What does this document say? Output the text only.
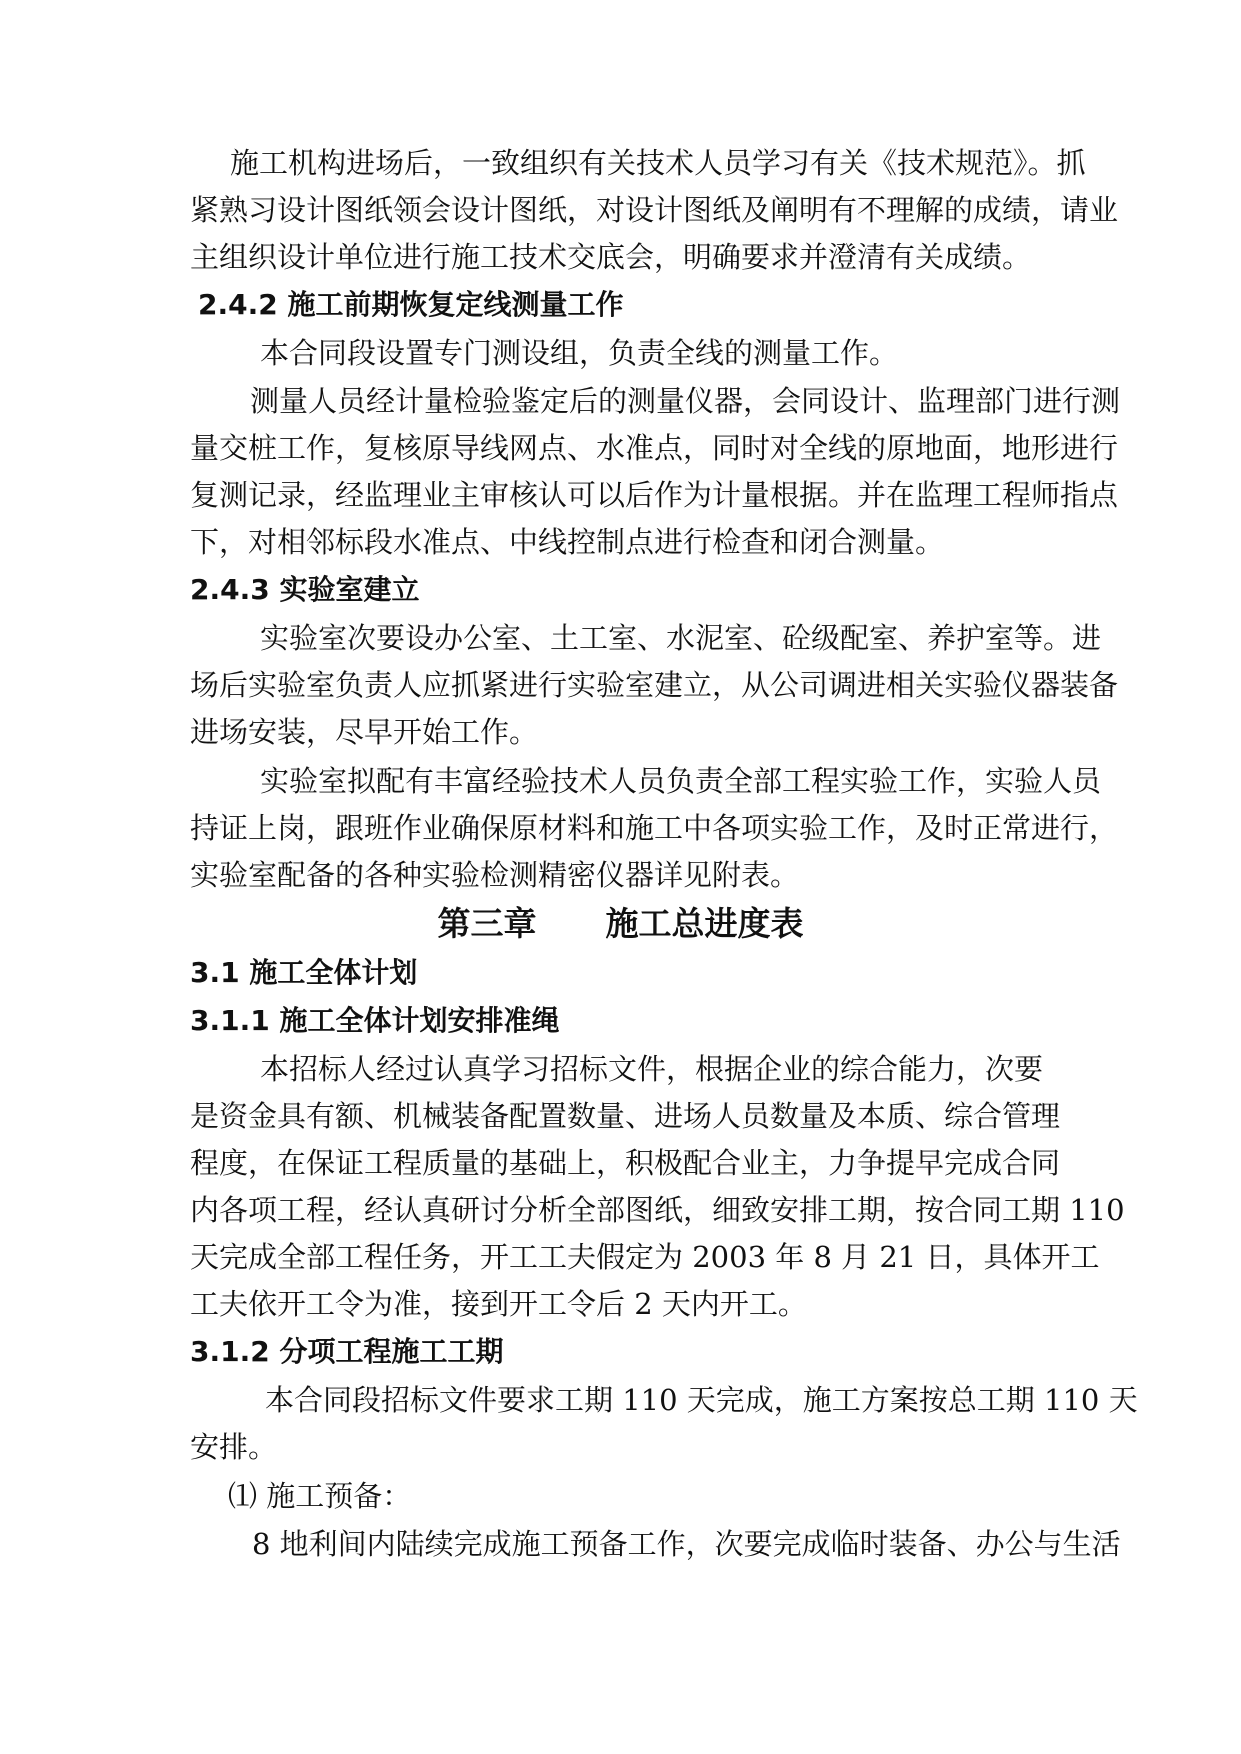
施工机构进场后，一致组织有关技术人员学习有关《技术规范》。抓
紧熟习设计图纸领会设计图纸，对设计图纸及阐明有不理解的成绩，请业
主组织设计单位进行施工技术交底会，明确要求并澄清有关成绩。
2.4.2 施工前期恢复定线测量工作
本合同段设置专门测设组，负责全线的测量工作。
测量人员经计量检验鉴定后的测量仪器，会同设计、监理部门进行测
量交桩工作，复核原导线网点、水准点，同时对全线的原地面，地形进行
复测记录，经监理业主审核认可以后作为计量根据。并在监理工程师指点
下，对相邻标段水准点、中线控制点进行检查和闭合测量。
2.4.3 实验室建立
实验室次要设办公室、土工室、水泥室、砼级配室、养护室等。进
场后实验室负责人应抓紧进行实验室建立，从公司调进相关实验仪器装备
进场安装，尽早开始工作。
实验室拟配有丰富经验技术人员负责全部工程实验工作，实验人员
持证上岗，跟班作业确保原材料和施工中各项实验工作，及时正常进行，
实验室配备的各种实验检测精密仪器详见附表。
第三章      施工总进度表
3.1 施工全体计划
3.1.1 施工全体计划安排准绳
本招标人经过认真学习招标文件，根据企业的综合能力，次要
是资金具有额、机械装备配置数量、进场人员数量及本质、综合管理
程度，在保证工程质量的基础上，积极配合业主，力争提早完成合同
内各项工程，经认真研讨分析全部图纸，细致安排工期，按合同工期 110
天完成全部工程任务，开工工夫假定为 2003 年 8 月 21 日，具体开工
工夫依开工令为准，接到开工令后 2 天内开工。
3.1.2 分项工程施工工期
本合同段招标文件要求工期 110 天完成，施工方案按总工期 110 天
安排。
⑴ 施工预备：
8 地利间内陆续完成施工预备工作，次要完成临时装备、办公与生活
